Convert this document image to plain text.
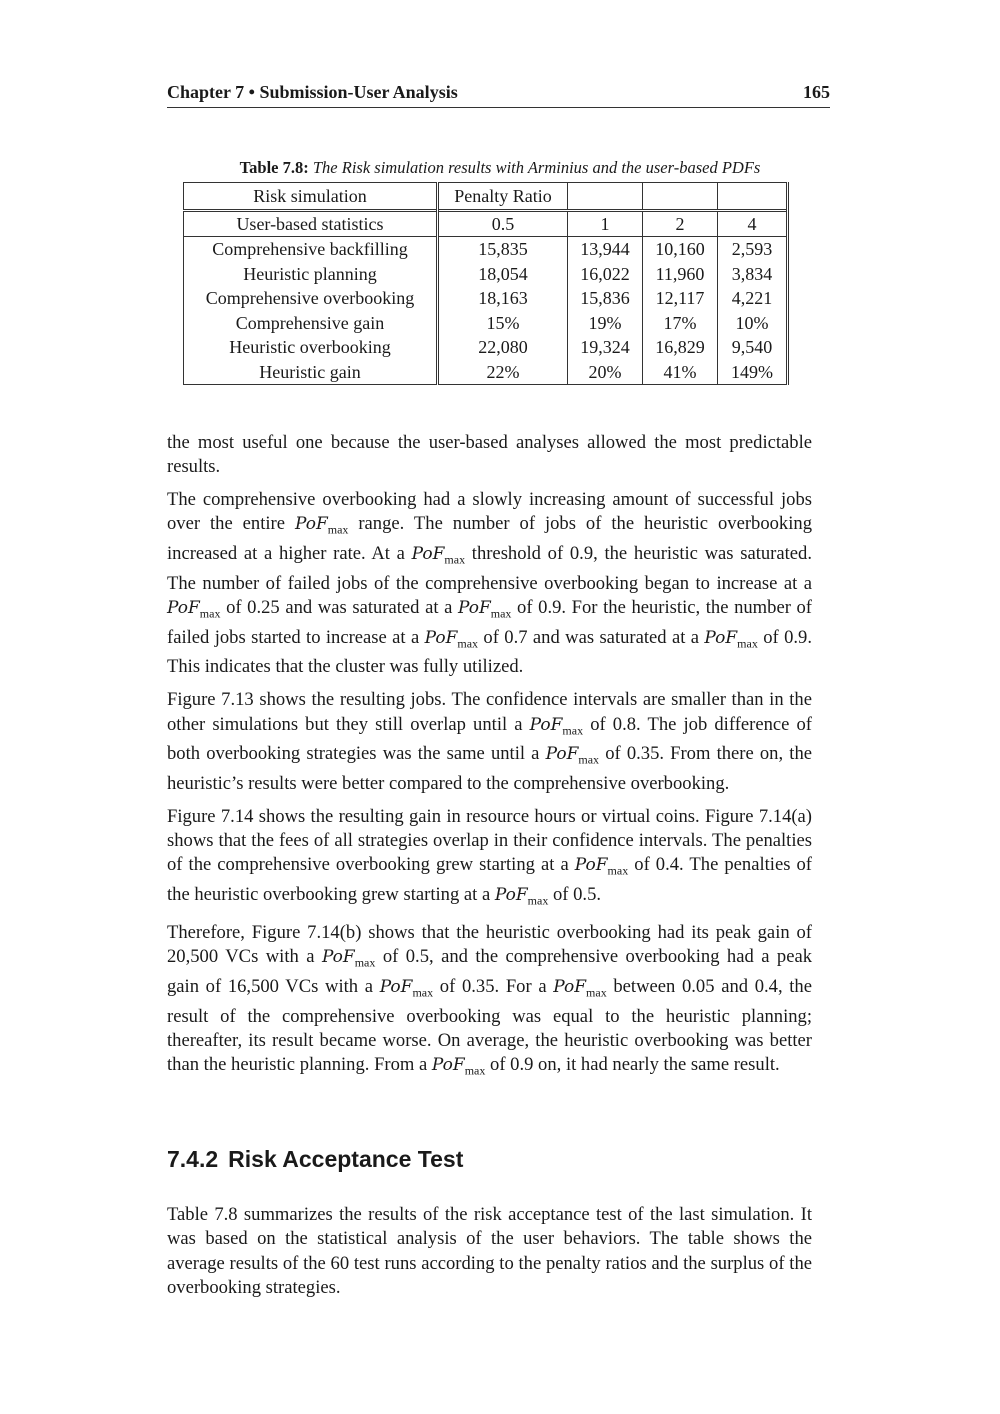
Chapter 7 • Submission-User Analysis	165
Table 7.8: The Risk simulation results with Arminius and the user-based PDFs
Risk simulation	Penalty Ratio			
User-based statistics	0.5	1	2	4
Comprehensive backfilling	15,835	13,944	10,160	2,593
Heuristic planning	18,054	16,022	11,960	3,834
Comprehensive overbooking	18,163	15,836	12,117	4,221
Comprehensive gain	15%	19%	17%	10%
Heuristic overbooking	22,080	19,324	16,829	9,540
Heuristic gain	22%	20%	41%	149%

the most useful one because the user-based analyses allowed the most predictable results.

The comprehensive overbooking had a slowly increasing amount of successful jobs over the entire PoF$_{max}$ range. The number of jobs of the heuristic overbooking increased at a higher rate. At a PoF$_{max}$ threshold of 0.9, the heuristic was saturated. The number of failed jobs of the comprehensive overbooking began to increase at a PoF$_{max}$ of 0.25 and was saturated at a PoF$_{max}$ of 0.9. For the heuristic, the number of failed jobs started to increase at a PoF$_{max}$ of 0.7 and was saturated at a PoF$_{max}$ of 0.9. This indicates that the cluster was fully utilized.

Figure 7.13 shows the resulting jobs. The confidence intervals are smaller than in the other simulations but they still overlap until a PoF$_{max}$ of 0.8. The job difference of both overbooking strategies was the same until a PoF$_{max}$ of 0.35. From there on, the heuristic’s results were better compared to the comprehensive overbooking.

Figure 7.14 shows the resulting gain in resource hours or virtual coins. Figure 7.14(a) shows that the fees of all strategies overlap in their confidence intervals. The penalties of the comprehensive overbooking grew starting at a PoF$_{max}$ of 0.4. The penalties of the heuristic overbooking grew starting at a PoF$_{max}$ of 0.5.

Therefore, Figure 7.14(b) shows that the heuristic overbooking had its peak gain of 20,500 VCs with a PoF$_{max}$ of 0.5, and the comprehensive overbooking had a peak gain of 16,500 VCs with a PoF$_{max}$ of 0.35. For a PoF$_{max}$ between 0.05 and 0.4, the result of the comprehensive overbooking was equal to the heuristic planning; thereafter, its result became worse. On average, the heuristic overbooking was better than the heuristic planning. From a PoF$_{max}$ of 0.9 on, it had nearly the same result.

7.4.2 Risk Acceptance Test

Table 7.8 summarizes the results of the risk acceptance test of the last simulation. It was based on the statistical analysis of the user behaviors. The table shows the average results of the 60 test runs according to the penalty ratios and the surplus of the overbooking strategies.
